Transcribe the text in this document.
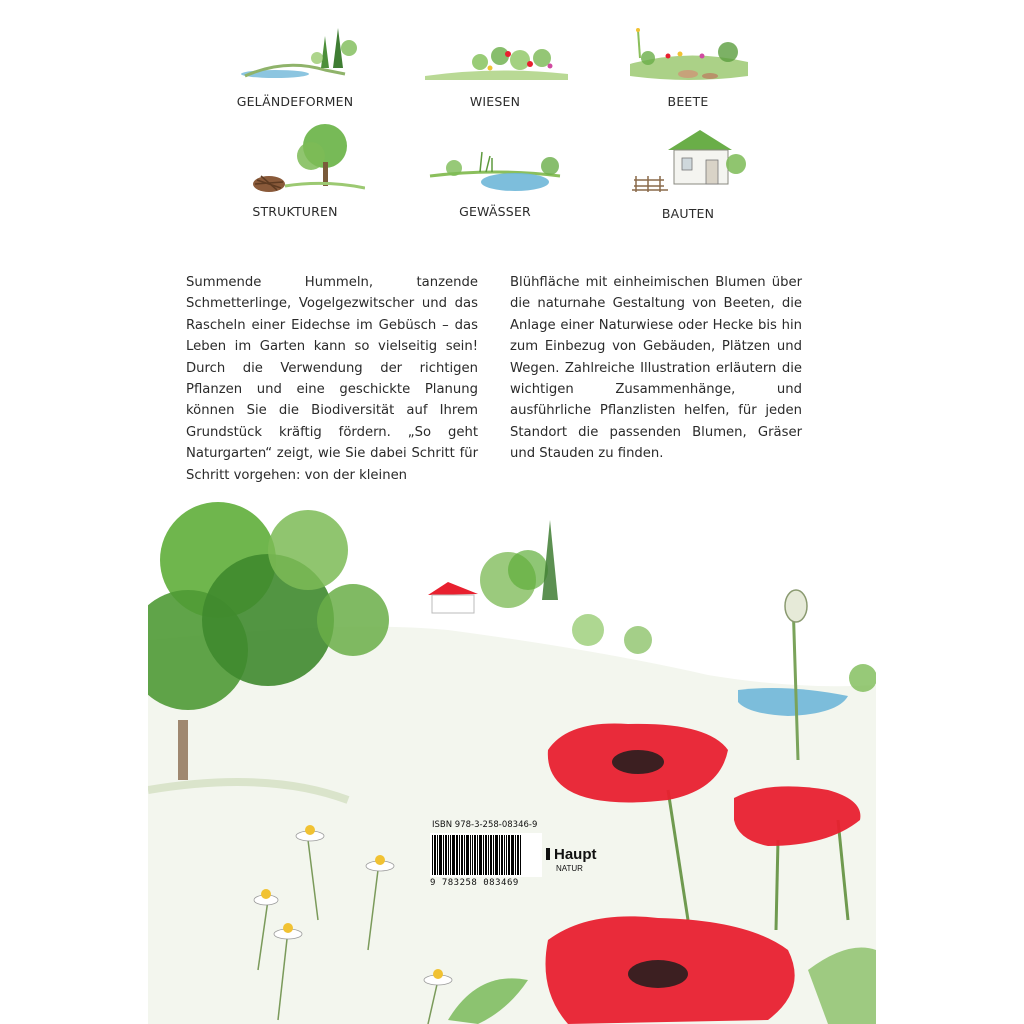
GELÄNDEFORMEN	WIESEN	BEETE
STRUKTUREN	GEWÄSSER	BAUTEN
Summende Hummeln, tanzende Schmetterlinge, Vogelgezwitscher und das Rascheln einer Eidechse im Gebüsch – das Leben im Garten kann so vielseitig sein! Durch die Verwendung der richtigen Pflanzen und eine geschickte Planung können Sie die Biodiversität auf Ihrem Grundstück kräftig fördern. „So geht Naturgarten“ zeigt, wie Sie dabei Schritt für Schritt vorgehen: von der kleinen
Blühfläche mit einheimischen Blumen über die naturnahe Gestaltung von Beeten, die Anlage einer Naturwiese oder Hecke bis hin zum Einbezug von Gebäuden, Plätzen und Wegen. Zahlreiche Illustration erläutern die wichtigen Zusammenhänge, und ausführliche Pflanzlisten helfen, für jeden Standort die passenden Blumen, Gräser und Stauden zu finden.
ISBN 978-3-258-08346-9
9 783258 083469
Haupt
NATUR
